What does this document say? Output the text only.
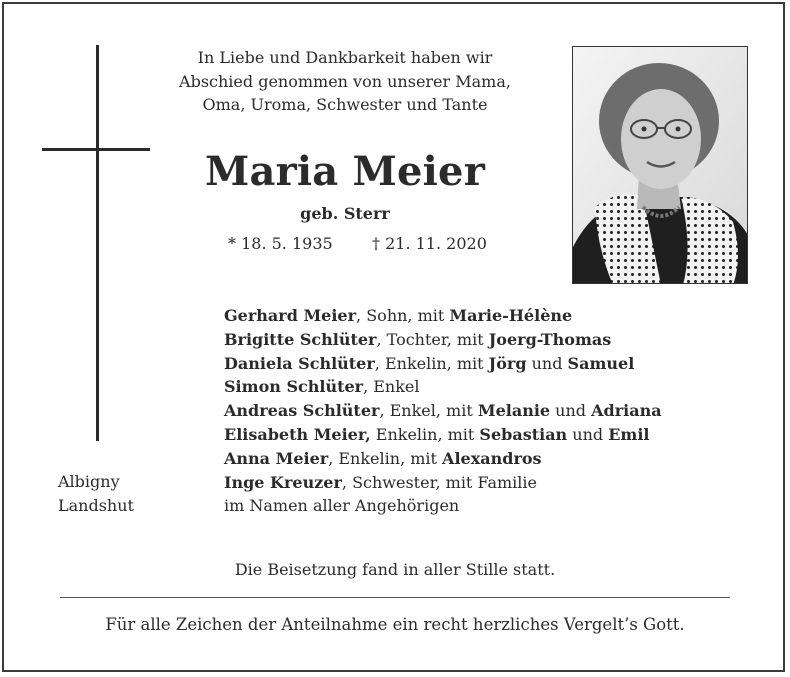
In Liebe und Dankbarkeit haben wir
Abschied genommen von unserer Mama,
Oma, Uroma, Schwester und Tante
Maria Meier
geb. Sterr
* 18. 5. 1935 † 21. 11. 2020
Gerhard Meier, Sohn, mit Marie-Hélène
Brigitte Schlüter, Tochter, mit Joerg-Thomas
Daniela Schlüter, Enkelin, mit Jörg und Samuel
Simon Schlüter, Enkel
Andreas Schlüter, Enkel, mit Melanie und Adriana
Elisabeth Meier, Enkelin, mit Sebastian und Emil
Anna Meier, Enkelin, mit Alexandros
Inge Kreuzer, Schwester, mit Familie
im Namen aller Angehörigen
Albigny
Landshut
Die Beisetzung fand in aller Stille statt.
Für alle Zeichen der Anteilnahme ein recht herzliches Vergelt’s Gott.
